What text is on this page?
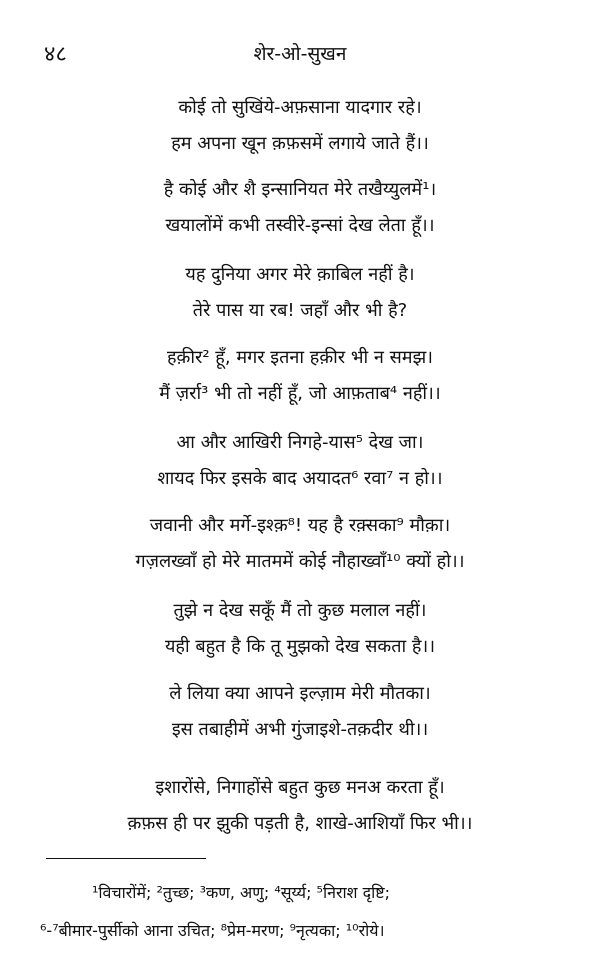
४८	शेर-ओ-सुखन
कोई तो सुखिंये-अफ़साना यादगार रहे।
हम अपना खून क़फ़समें लगाये जाते हैं।।
है कोई और शै इन्सानियत मेरे तखैय्युलमें¹।
खयालोंमें कभी तस्वीरे-इन्सां देख लेता हूँ।।
यह दुनिया अगर मेरे क़ाबिल नहीं है।
तेरे पास या रब! जहाँ और भी है?
हक़ीर² हूँ, मगर इतना हक़ीर भी न समझ।
मैं ज़र्रा³ भी तो नहीं हूँ, जो आफ़ताब⁴ नहीं।।
आ और आखिरी निगहे-यास⁵ देख जा।
शायद फिर इसके बाद अयादत⁶ रवा⁷ न हो।।
जवानी और मर्गे-इश्क़⁸! यह है रक़्सका⁹ मौक़ा।
गज़लख्वाँ हो मेरे मातममें कोई नौहाख्वाँ¹⁰ क्यों हो।।
तुझे न देख सकूँ मैं तो कुछ मलाल नहीं।
यही बहुत है कि तू मुझको देख सकता है।।
ले लिया क्या आपने इल्ज़ाम मेरी मौतका।
इस तबाहीमें अभी गुंजाइशे-तक़दीर थी।।
इशारोंसे, निगाहोंसे बहुत कुछ मनअ करता हूँ।
क़फ़स ही पर झुकी पड़ती है, शाखे-आशियाँ फिर भी।।
¹विचारोंमें; ²तुच्छ; ³कण, अणु; ⁴सूर्य्य; ⁵निराश दृष्टि;
⁶-⁷बीमार-पुर्सीको आना उचित; ⁸प्रेम-मरण; ⁹नृत्यका; ¹⁰रोये।
